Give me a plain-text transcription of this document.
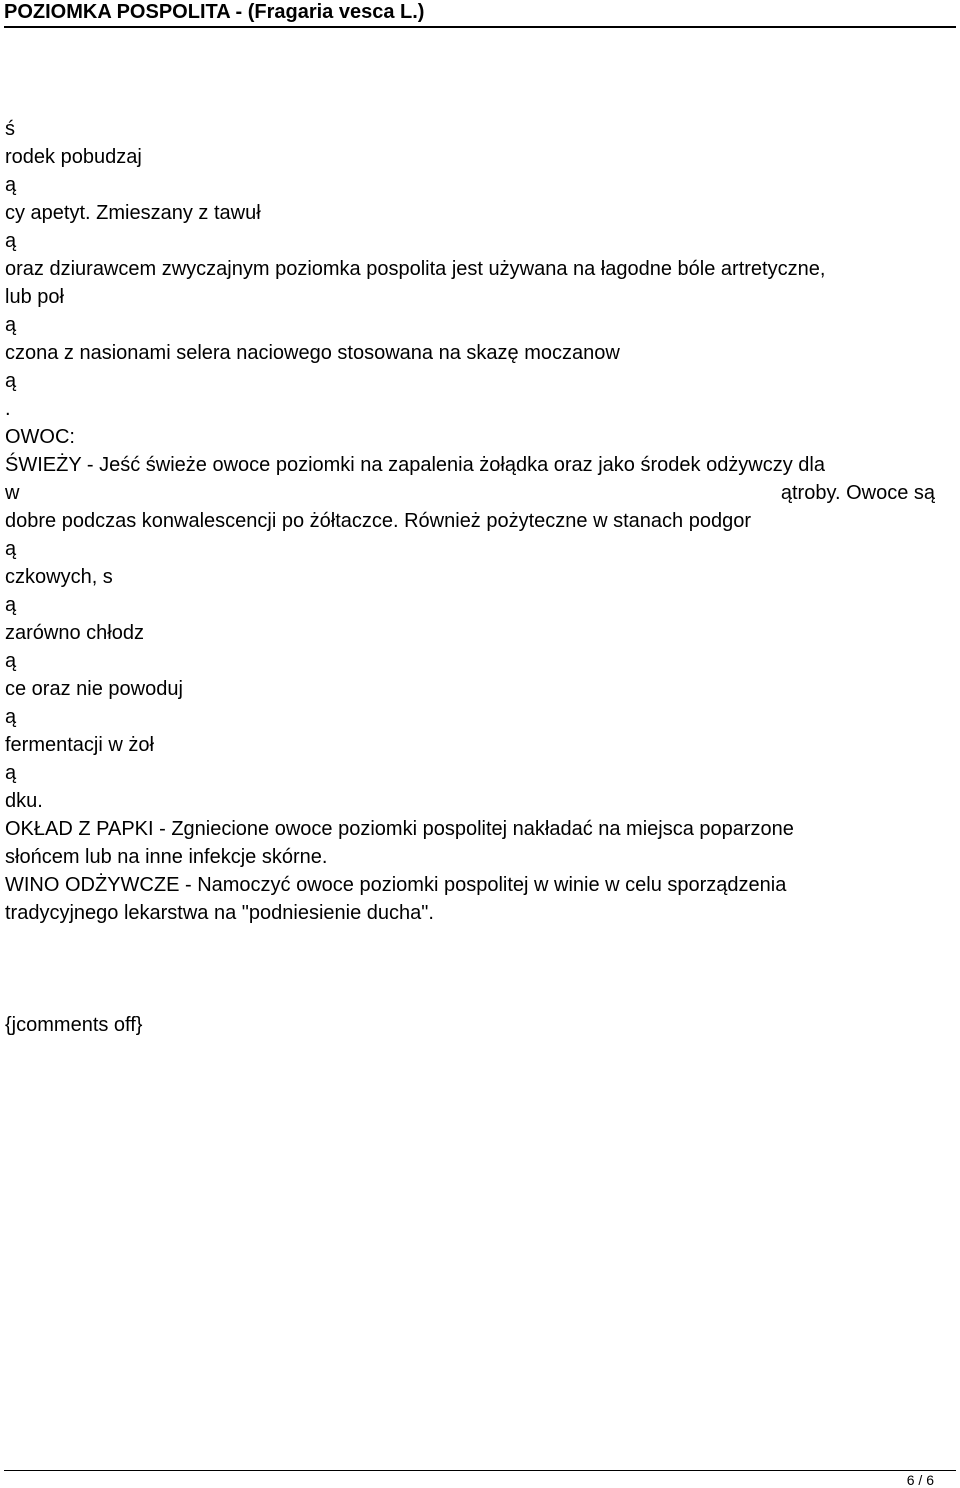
POZIOMKA POSPOLITA - (Fragaria vesca L.)
ś
rodek pobudzaj
ą
cy apetyt. Zmieszany z tawuł
ą
oraz dziurawcem zwyczajnym poziomka pospolita jest używana na łagodne bóle artretyczne,
lub poł
ą
czona z nasionami selera naciowego stosowana na skazę moczanow
ą
.
OWOC:
ŚWIEŻY - Jeść świeże owoce poziomki na zapalenia żołądka oraz jako środek odżywczy dla
w	ątroby. Owoce są
dobre podczas konwalescencji po żółtaczce. Również pożyteczne w stanach podgor
ą
czkowych, s
ą
zarówno chłodz
ą
ce oraz nie powoduj
ą
fermentacji w żoł
ą
dku.
OKŁAD Z PAPKI - Zgniecione owoce poziomki pospolitej nakładać na miejsca poparzone
słońcem lub na inne infekcje skórne.
WINO ODŻYWCZE - Namoczyć owoce poziomki pospolitej w winie w celu sporządzenia
tradycyjnego lekarstwa na "podniesienie ducha".
{jcomments off}
6 / 6
